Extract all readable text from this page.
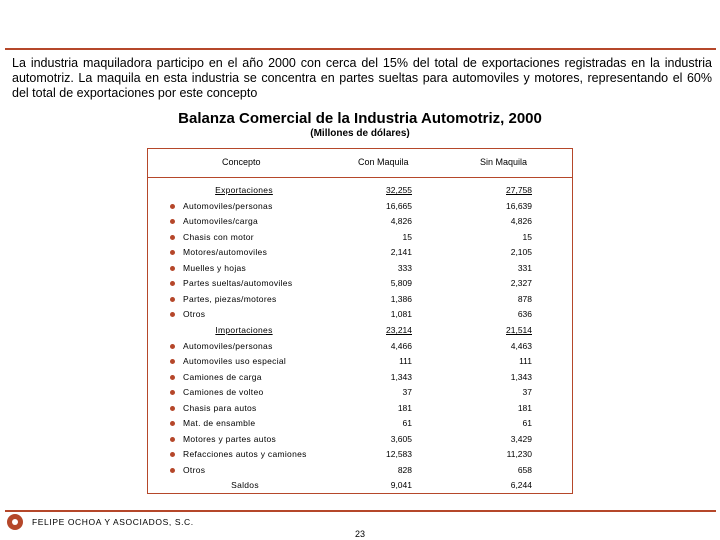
La industria maquiladora participo en el año 2000 con cerca del 15% del total de exportaciones registradas en la industria automotriz. La maquila en esta industria se concentra en partes sueltas para automoviles y motores, representando el 60% del total de exportaciones por este concepto
Balanza Comercial de la Industria Automotriz, 2000
(Millones de dólares)
Concepto	Con Maquila	Sin Maquila
Exportaciones	32,255	27,758
Automoviles/personas	16,665	16,639
Automoviles/carga	4,826	4,826
Chasis con motor	15	15
Motores/automoviles	2,141	2,105
Muelles y hojas	333	331
Partes sueltas/automoviles	5,809	2,327
Partes, piezas/motores	1,386	878
Otros	1,081	636
Importaciones	23,214	21,514
Automoviles/personas	4,466	4,463
Automoviles uso especial	111	111
Camiones de carga	1,343	1,343
Camiones de volteo	37	37
Chasis para autos	181	181
Mat. de ensamble	61	61
Motores y partes autos	3,605	3,429
Refacciones autos y camiones	12,583	11,230
Otros	828	658
Saldos	9,041	6,244
FELIPE OCHOA Y ASOCIADOS, S.C.
23
